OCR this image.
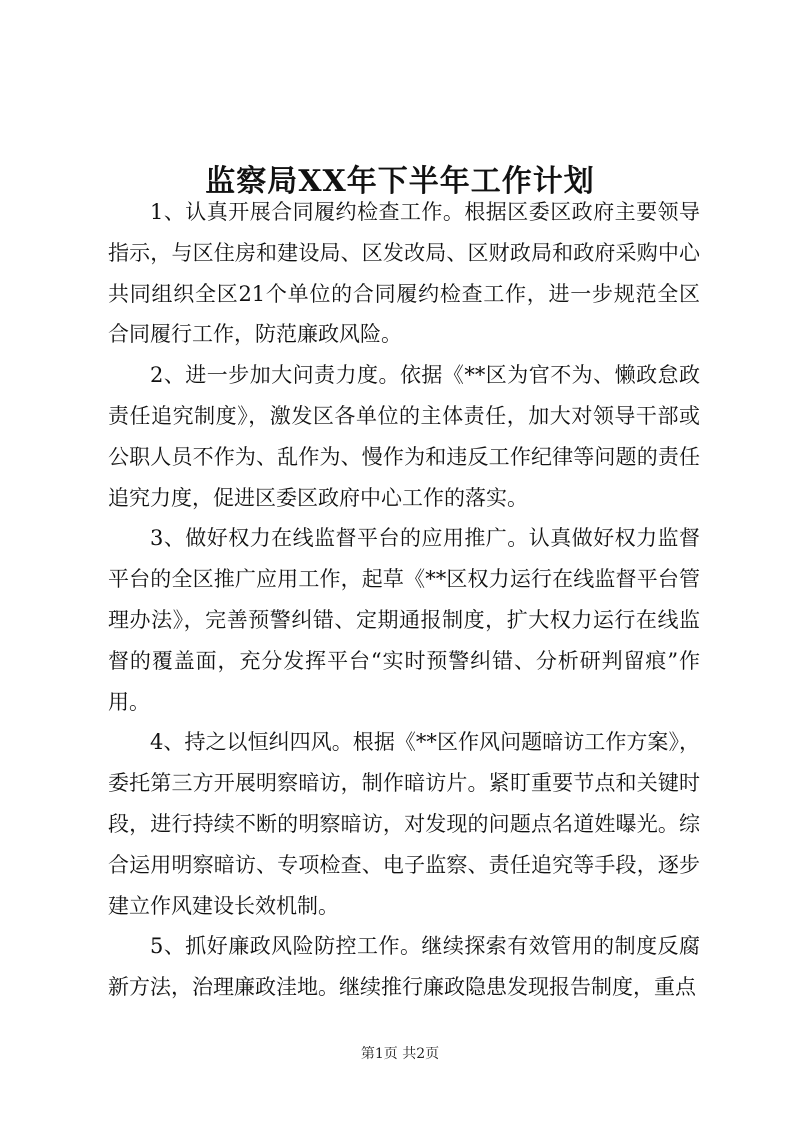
监察局XX年下半年工作计划

1、认真开展合同履约检查工作。根据区委区政府主要领导指示，与区住房和建设局、区发改局、区财政局和政府采购中心共同组织全区21个单位的合同履约检查工作，进一步规范全区合同履行工作，防范廉政风险。

2、进一步加大问责力度。依据《**区为官不为、懒政怠政责任追究制度》，激发区各单位的主体责任，加大对领导干部或公职人员不作为、乱作为、慢作为和违反工作纪律等问题的责任追究力度，促进区委区政府中心工作的落实。

3、做好权力在线监督平台的应用推广。认真做好权力监督平台的全区推广应用工作，起草《**区权力运行在线监督平台管理办法》，完善预警纠错、定期通报制度，扩大权力运行在线监督的覆盖面，充分发挥平台“实时预警纠错、分析研判留痕”作用。

4、持之以恒纠四风。根据《**区作风问题暗访工作方案》，委托第三方开展明察暗访，制作暗访片。紧盯重要节点和关键时段，进行持续不断的明察暗访，对发现的问题点名道姓曝光。综合运用明察暗访、专项检查、电子监察、责任追究等手段，逐步建立作风建设长效机制。

5、抓好廉政风险防控工作。继续探索有效管用的制度反腐新方法，治理廉政洼地。继续推行廉政隐患发现报告制度，重点

第1页 共2页
